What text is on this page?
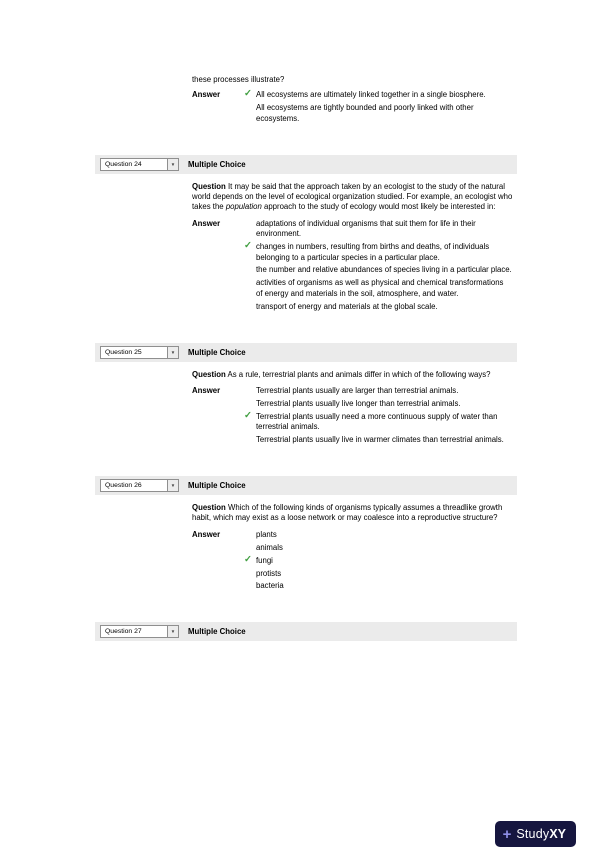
these processes illustrate?
Answer	✓ All ecosystems are ultimately linked together in a single biosphere.
All ecosystems are tightly bounded and poorly linked with other ecosystems.
Question 24	▼	Multiple Choice

Question It may be said that the approach taken by an ecologist to the study of the natural world depends on the level of ecological organization studied. For example, an ecologist who takes the population approach to the study of ecology would most likely be interested in:

Answer	adaptations of individual organisms that suit them for life in their environment.
✓ changes in numbers, resulting from births and deaths, of individuals belonging to a particular species in a particular place.
the number and relative abundances of species living in a particular place.
activities of organisms as well as physical and chemical transformations of energy and materials in the soil, atmosphere, and water.
transport of energy and materials at the global scale.
Question 25	▼	Multiple Choice

Question As a rule, terrestrial plants and animals differ in which of the following ways?

Answer	Terrestrial plants usually are larger than terrestrial animals.
Terrestrial plants usually live longer than terrestrial animals.
✓ Terrestrial plants usually need a more continuous supply of water than terrestrial animals.
Terrestrial plants usually live in warmer climates than terrestrial animals.
Question 26	▼	Multiple Choice

Question Which of the following kinds of organisms typically assumes a threadlike growth habit, which may exist as a loose network or may coalesce into a reproductive structure?

Answer	plants
animals
✓ fungi
protists
bacteria
Question 27	▼	Multiple Choice
+ Study XY
